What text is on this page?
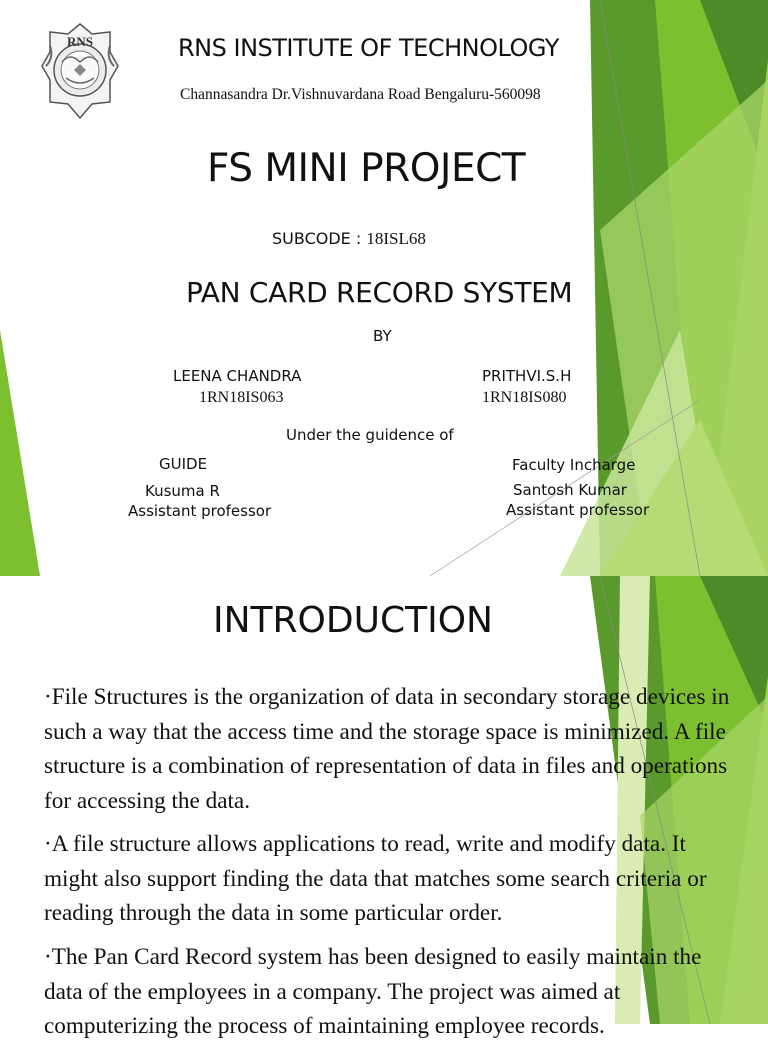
RNS	RNS INSTITUTE OF TECHNOLOGY
Channasandra Dr.Vishnuvardana Road Bengaluru-560098
FS MINI PROJECT
SUBCODE : 18ISL68
PAN CARD RECORD SYSTEM
BY
LEENA CHANDRA
1RN18IS063
PRITHVI.S.H
1RN18IS080
Under the guidence of
GUIDE
Kusuma R
Assistant professor
Faculty Incharge
Santosh Kumar
Assistant professor
INTRODUCTION
·File Structures is the organization of data in secondary storage devices in such a way that the access time and the storage space is minimized. A file structure is a combination of representation of data in files and operations for accessing the data.
·A file structure allows applications to read, write and modify data. It might also support finding the data that matches some search criteria or reading through the data in some particular order.
·The Pan Card Record system has been designed to easily maintain the data of the employees in a company. The project was aimed at computerizing the process of maintaining employee records.
